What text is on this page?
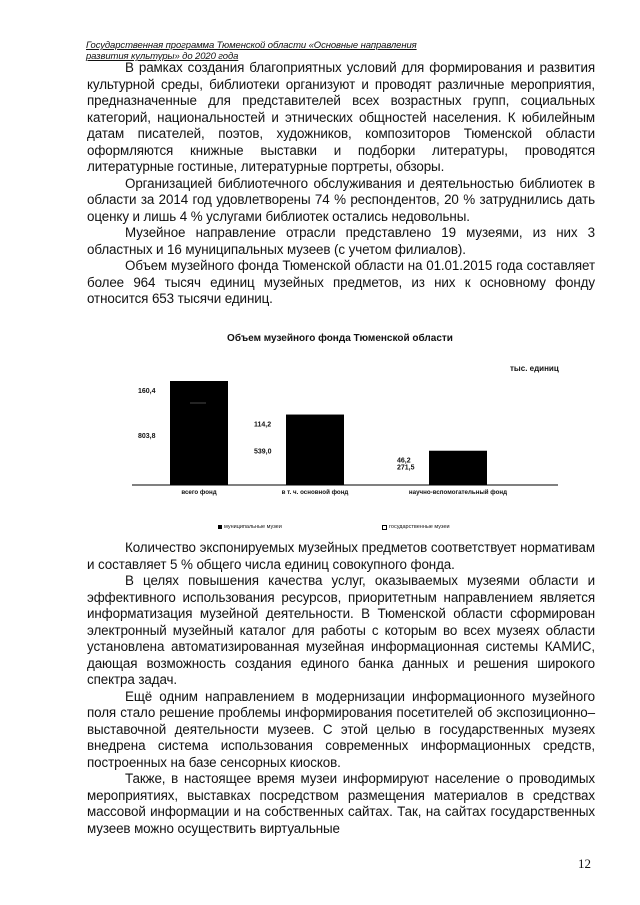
Государственная программа Тюменской области «Основные направления
развития культуры» до 2020 года

В рамках создания благоприятных условий для формирования и развития культурной среды, библиотеки организуют и проводят различные мероприятия, предназначенные для представителей всех возрастных групп, социальных категорий, национальностей и этнических общностей населения. К юбилейным датам писателей, поэтов, художников, композиторов Тюменской области оформляются книжные выставки и подборки литературы, проводятся литературные гостиные, литературные портреты, обзоры.

Организацией библиотечного обслуживания и деятельностью библиотек в области за 2014 год удовлетворены 74 % респондентов, 20 % затруднились дать оценку и лишь 4 % услугами библиотек остались недовольны.

Музейное направление отрасли представлено 19 музеями, из них 3 областных и 16 муниципальных музеев (с учетом филиалов).

Объем музейного фонда Тюменской области на 01.01.2015 года составляет более 964 тысяч единиц музейных предметов, из них к основному фонду относится 653 тысячи единиц.

Объем музейного фонда Тюменской области

тыс. единиц

160,4
803,8
всего фонд
114,2
539,0
в т. ч. основной фонд
46,2
271,5
научно-вспомогательный фонд

муниципальные музеи	государственные музеи

Количество экспонируемых музейных предметов соответствует нормативам и составляет 5 % общего числа единиц совокупного фонда.

В целях повышения качества услуг, оказываемых музеями области и эффективного использования ресурсов, приоритетным направлением является информатизация музейной деятельности. В Тюменской области сформирован электронный музейный каталог для работы с которым во всех музеях области установлена автоматизированная музейная информационная системы КАМИС, дающая возможность создания единого банка данных и решения широкого спектра задач.

Ещё одним направлением в модернизации информационного музейного поля стало решение проблемы информирования посетителей об экспозиционно–выставочной деятельности музеев. С этой целью в государственных музеях внедрена система использования современных информационных средств, построенных на базе сенсорных киосков.

Также, в настоящее время музеи информируют население о проводимых мероприятиях, выставках посредством размещения материалов в средствах массовой информации и на собственных сайтах. Так, на сайтах государственных музеев можно осуществить виртуальные

12
